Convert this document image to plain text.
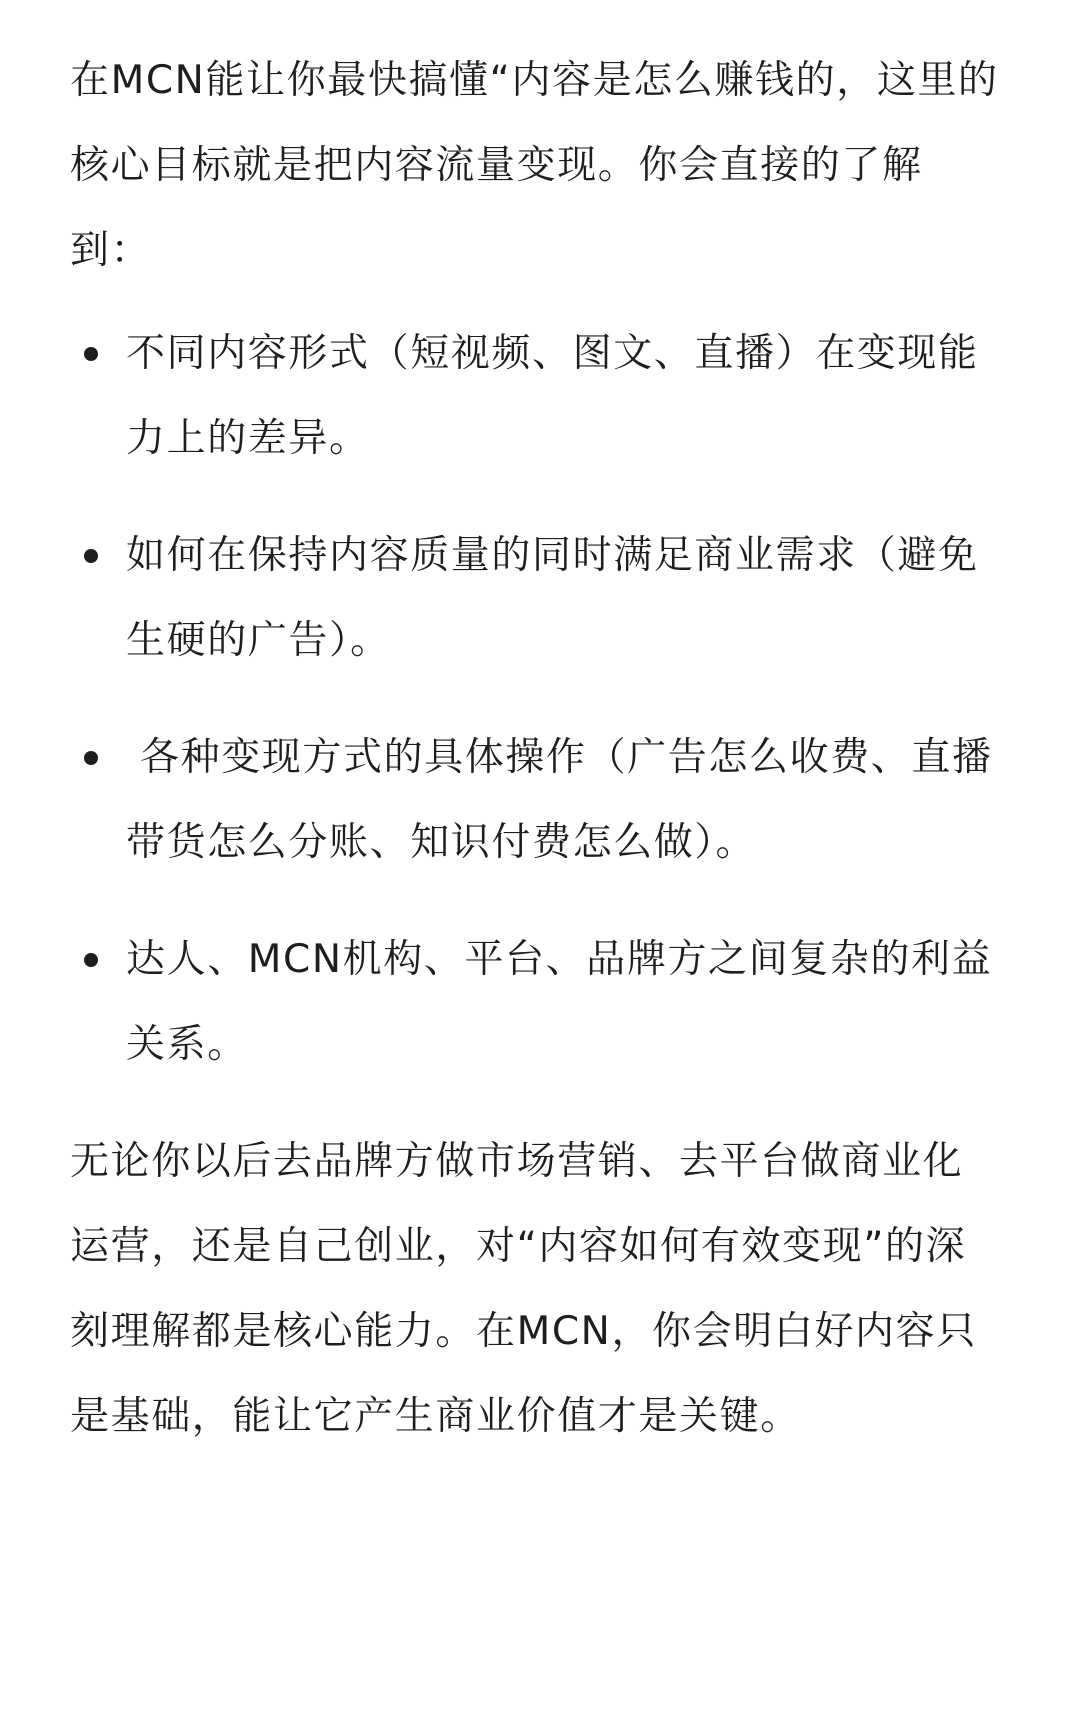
在MCN能让你最快搞懂“内容是怎么赚钱的，这里的核心目标就是把内容流量变现。你会直接的了解到：

不同内容形式（短视频、图文、直播）在变现能力上的差异。
如何在保持内容质量的同时满足商业需求（避免生硬的广告）。
各种变现方式的具体操作（广告怎么收费、直播带货怎么分账、知识付费怎么做）。
达人、MCN机构、平台、品牌方之间复杂的利益关系。

无论你以后去品牌方做市场营销、去平台做商业化运营，还是自己创业，对“内容如何有效变现”的深刻理解都是核心能力。在MCN，你会明白好内容只是基础，能让它产生商业价值才是关键。
